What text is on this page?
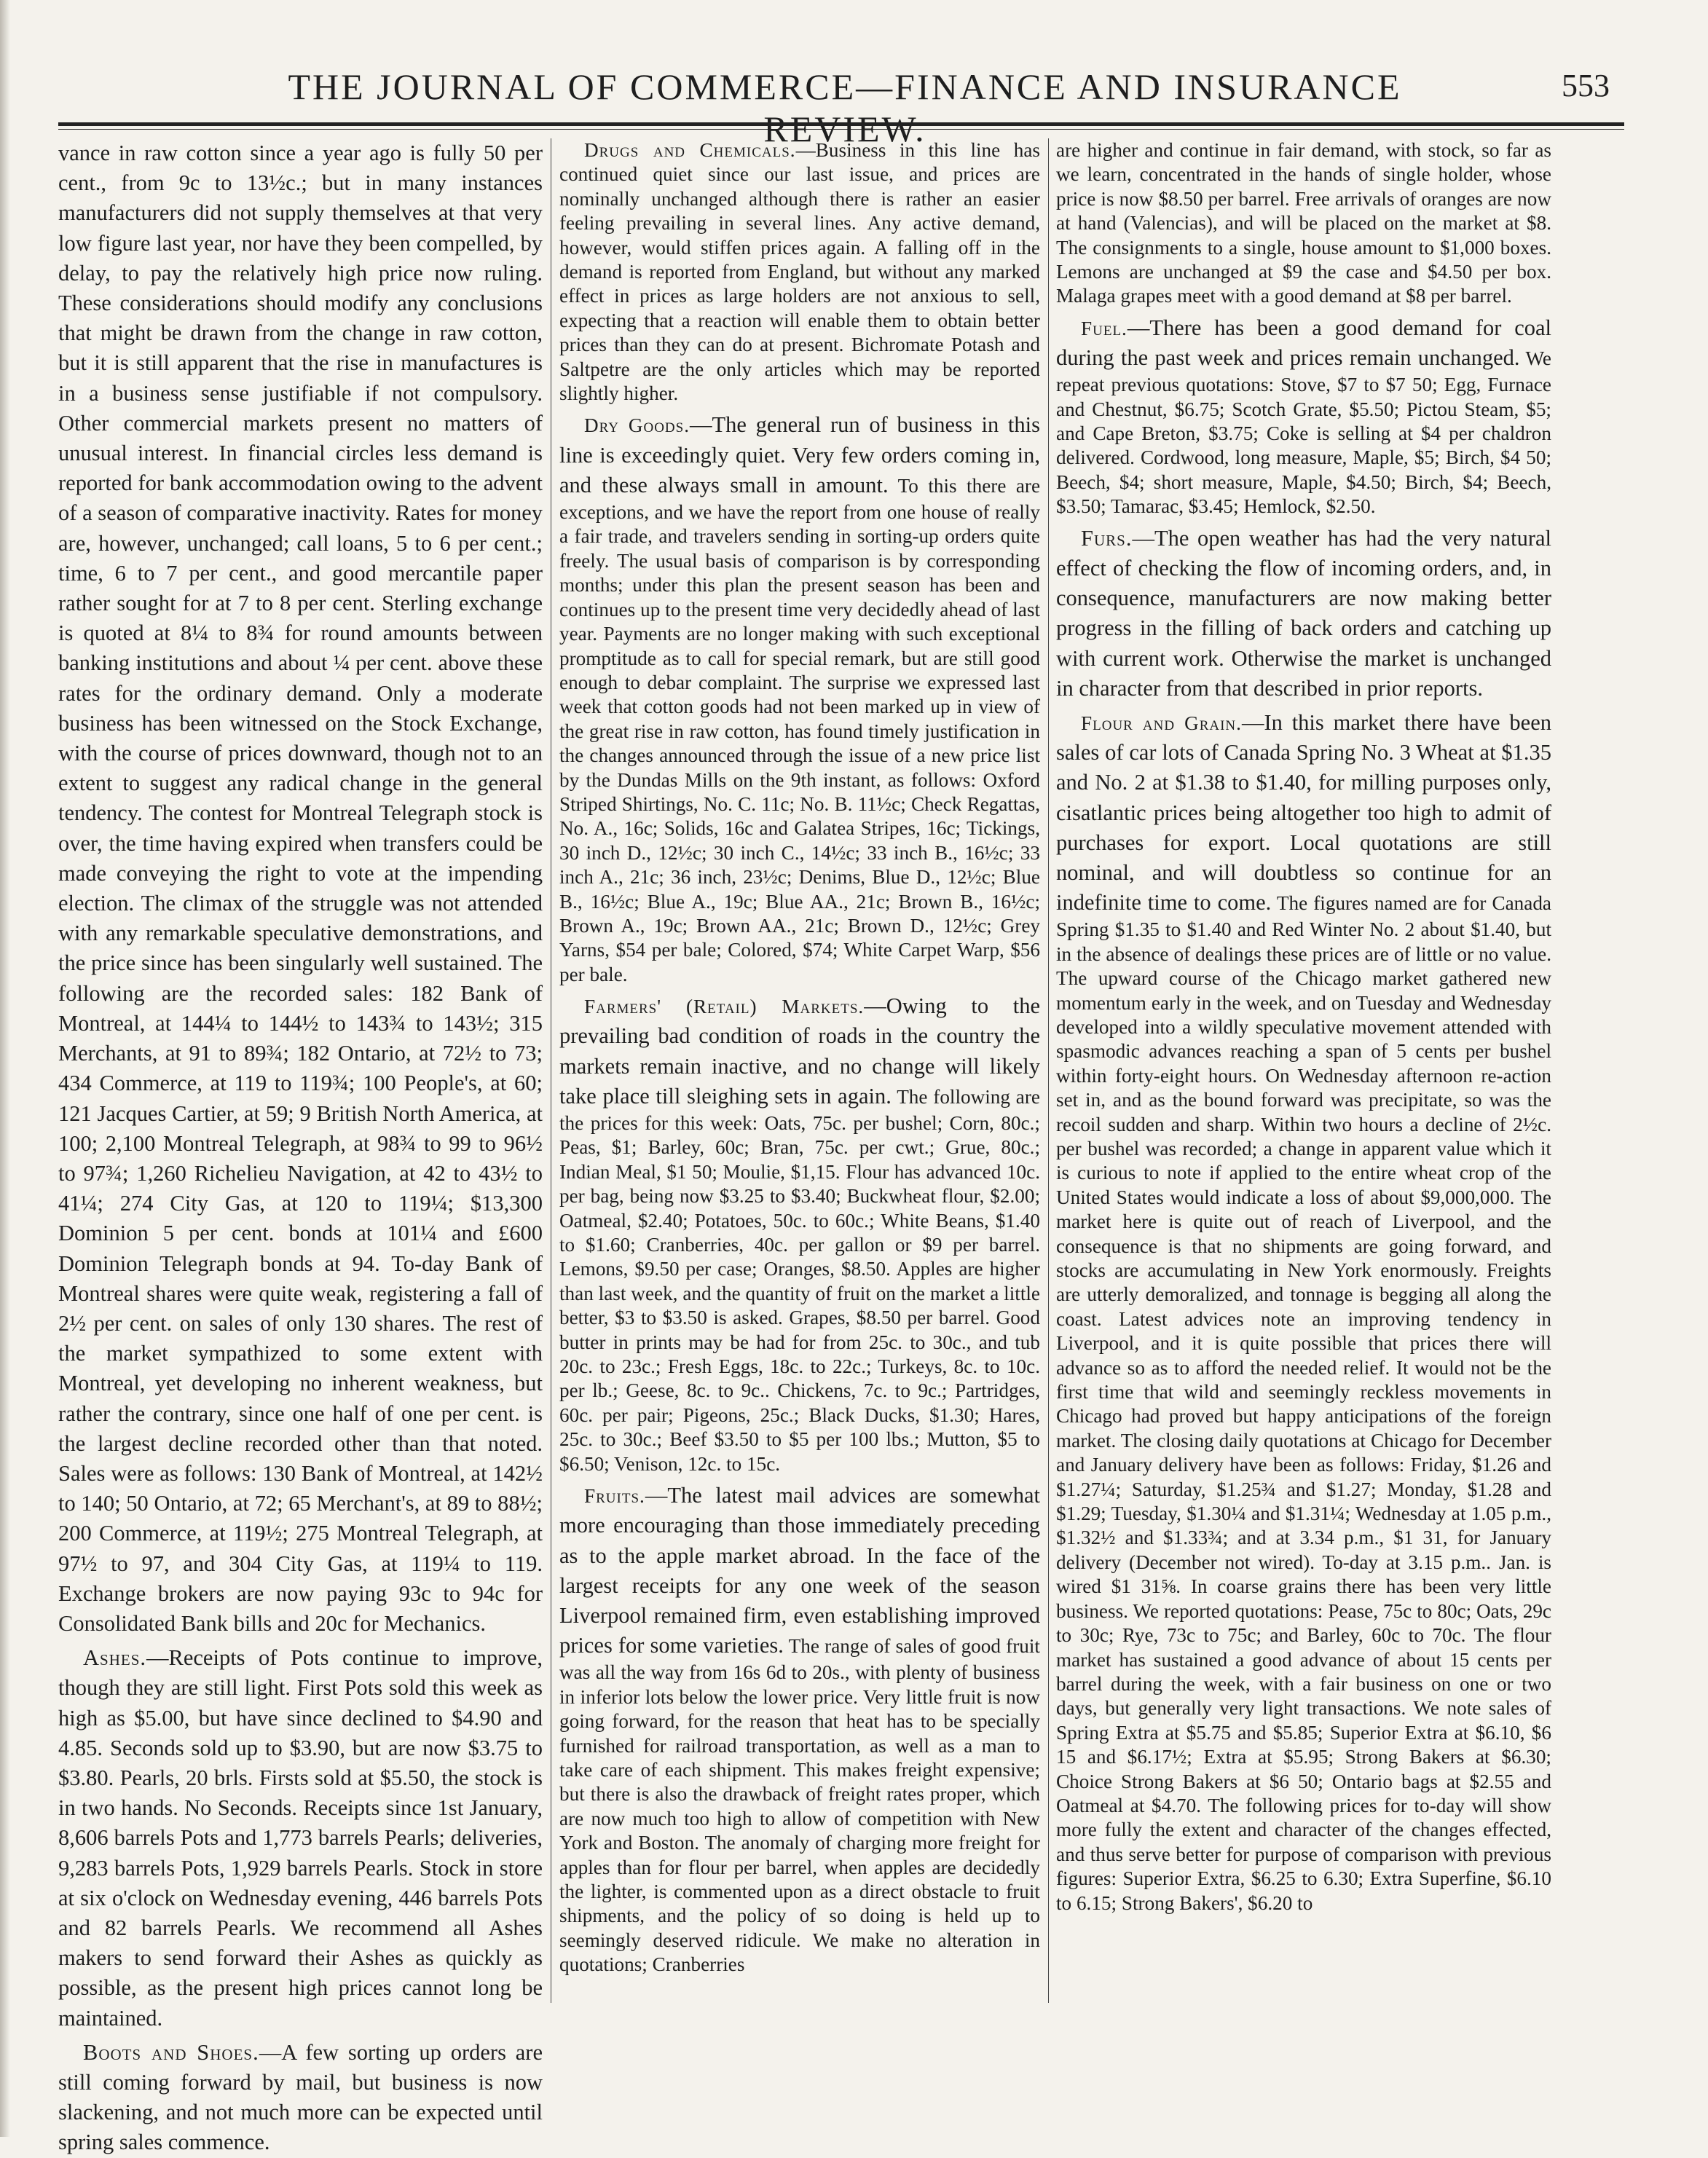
THE JOURNAL OF COMMERCE—FINANCE AND INSURANCE REVIEW.
553

vance in raw cotton since a year ago is fully 50 per cent., from 9c to 13½c.; but in many instances manufacturers did not supply themselves at that very low figure last year, nor have they been compelled, by delay, to pay the relatively high price now ruling. These considerations should modify any conclusions that might be drawn from the change in raw cotton, but it is still apparent that the rise in manufactures is in a business sense justifiable if not compulsory. Other commercial markets present no matters of unusual interest. In financial circles less demand is reported for bank accommodation owing to the advent of a season of comparative inactivity. Rates for money are, however, unchanged; call loans, 5 to 6 per cent.; time, 6 to 7 per cent., and good mercantile paper rather sought for at 7 to 8 per cent. Sterling exchange is quoted at 8¼ to 8¾ for round amounts between banking institutions and about ¼ per cent. above these rates for the ordinary demand. Only a moderate business has been witnessed on the Stock Exchange, with the course of prices downward, though not to an extent to suggest any radical change in the general tendency. The contest for Montreal Telegraph stock is over, the time having expired when transfers could be made conveying the right to vote at the impending election. The climax of the struggle was not attended with any remarkable speculative demonstrations, and the price since has been singularly well sustained. The following are the recorded sales: 182 Bank of Montreal, at 144¼ to 144½ to 143¾ to 143½; 315 Merchants, at 91 to 89¾; 182 Ontario, at 72½ to 73; 434 Commerce, at 119 to 119¾; 100 People's, at 60; 121 Jacques Cartier, at 59; 9 British North America, at 100; 2,100 Montreal Telegraph, at 98¾ to 99 to 96½ to 97¾; 1,260 Richelieu Navigation, at 42 to 43½ to 41¼; 274 City Gas, at 120 to 119¼; $13,300 Dominion 5 per cent. bonds at 101¼ and £600 Dominion Telegraph bonds at 94. To-day Bank of Montreal shares were quite weak, registering a fall of 2½ per cent. on sales of only 130 shares. The rest of the market sympathized to some extent with Montreal, yet developing no inherent weakness, but rather the contrary, since one half of one per cent. is the largest decline recorded other than that noted. Sales were as follows: 130 Bank of Montreal, at 142½ to 140; 50 Ontario, at 72; 65 Merchant's, at 89 to 88½; 200 Commerce, at 119½; 275 Montreal Telegraph, at 97½ to 97, and 304 City Gas, at 119¼ to 119. Exchange brokers are now paying 93c to 94c for Consolidated Bank bills and 20c for Mechanics.

Ashes.—Receipts of Pots continue to improve, though they are still light. First Pots sold this week as high as $5.00, but have since declined to $4.90 and 4.85. Seconds sold up to $3.90, but are now $3.75 to $3.80. Pearls, 20 brls. Firsts sold at $5.50, the stock is in two hands. No Seconds. Receipts since 1st January, 8,606 barrels Pots and 1,773 barrels Pearls; deliveries, 9,283 barrels Pots, 1,929 barrels Pearls. Stock in store at six o'clock on Wednesday evening, 446 barrels Pots and 82 barrels Pearls. We recommend all Ashes makers to send forward their Ashes as quickly as possible, as the present high prices cannot long be maintained.

Boots and Shoes.—A few sorting up orders are still coming forward by mail, but business is now slackening, and not much more can be expected until spring sales commence.

Drugs and Chemicals.—Business in this line has continued quiet since our last issue, and prices are nominally unchanged although there is rather an easier feeling prevailing in several lines. Any active demand, however, would stiffen prices again. A falling off in the demand is reported from England, but without any marked effect in prices as large holders are not anxious to sell, expecting that a reaction will enable them to obtain better prices than they can do at present. Bichromate Potash and Saltpetre are the only articles which may be reported slightly higher.

Dry Goods.—The general run of business in this line is exceedingly quiet. Very few orders coming in, and these always small in amount. To this there are exceptions, and we have the report from one house of really a fair trade, and travelers sending in sorting-up orders quite freely. The usual basis of comparison is by corresponding months; under this plan the present season has been and continues up to the present time very decidedly ahead of last year. Payments are no longer making with such exceptional promptitude as to call for special remark, but are still good enough to debar complaint. The surprise we expressed last week that cotton goods had not been marked up in view of the great rise in raw cotton, has found timely justification in the changes announced through the issue of a new price list by the Dundas Mills on the 9th instant, as follows: Oxford Striped Shirtings, No. C. 11c; No. B. 11½c; Check Regattas, No. A., 16c; Solids, 16c and Galatea Stripes, 16c; Tickings, 30 inch D., 12½c; 30 inch C., 14½c; 33 inch B., 16½c; 33 inch A., 21c; 36 inch, 23½c; Denims, Blue D., 12½c; Blue B., 16½c; Blue A., 19c; Blue AA., 21c; Brown B., 16½c; Brown A., 19c; Brown AA., 21c; Brown D., 12½c; Grey Yarns, $54 per bale; Colored, $74; White Carpet Warp, $56 per bale.

Farmers' (Retail) Markets.—Owing to the prevailing bad condition of roads in the country the markets remain inactive, and no change will likely take place till sleighing sets in again. The following are the prices for this week: Oats, 75c. per bushel; Corn, 80c.; Peas, $1; Barley, 60c; Bran, 75c. per cwt.; Grue, 80c.; Indian Meal, $1 50; Moulie, $1,15. Flour has advanced 10c. per bag, being now $3.25 to $3.40; Buckwheat flour, $2.00; Oatmeal, $2.40; Potatoes, 50c. to 60c.; White Beans, $1.40 to $1.60; Cranberries, 40c. per gallon or $9 per barrel. Lemons, $9.50 per case; Oranges, $8.50. Apples are higher than last week, and the quantity of fruit on the market a little better, $3 to $3.50 is asked. Grapes, $8.50 per barrel. Good butter in prints may be had for from 25c. to 30c., and tub 20c. to 23c.; Fresh Eggs, 18c. to 22c.; Turkeys, 8c. to 10c. per lb.; Geese, 8c. to 9c.. Chickens, 7c. to 9c.; Partridges, 60c. per pair; Pigeons, 25c.; Black Ducks, $1.30; Hares, 25c. to 30c.; Beef $3.50 to $5 per 100 lbs.; Mutton, $5 to $6.50; Venison, 12c. to 15c.

Fruits.—The latest mail advices are somewhat more encouraging than those immediately preceding as to the apple market abroad. In the face of the largest receipts for any one week of the season Liverpool remained firm, even establishing improved prices for some varieties. The range of sales of good fruit was all the way from 16s 6d to 20s., with plenty of business in inferior lots below the lower price. Very little fruit is now going forward, for the reason that heat has to be specially furnished for railroad transportation, as well as a man to take care of each shipment. This makes freight expensive; but there is also the drawback of freight rates proper, which are now much too high to allow of competition with New York and Boston. The anomaly of charging more freight for apples than for flour per barrel, when apples are decidedly the lighter, is commented upon as a direct obstacle to fruit shipments, and the policy of so doing is held up to seemingly deserved ridicule. We make no alteration in quotations; Cranberries

are higher and continue in fair demand, with stock, so far as we learn, concentrated in the hands of single holder, whose price is now $8.50 per barrel. Free arrivals of oranges are now at hand (Valencias), and will be placed on the market at $8. The consignments to a single, house amount to $1,000 boxes. Lemons are unchanged at $9 the case and $4.50 per box. Malaga grapes meet with a good demand at $8 per barrel.

Fuel.—There has been a good demand for coal during the past week and prices remain unchanged. We repeat previous quotations: Stove, $7 to $7 50; Egg, Furnace and Chestnut, $6.75; Scotch Grate, $5.50; Pictou Steam, $5; and Cape Breton, $3.75; Coke is selling at $4 per chaldron delivered. Cordwood, long measure, Maple, $5; Birch, $4 50; Beech, $4; short measure, Maple, $4.50; Birch, $4; Beech, $3.50; Tamarac, $3.45; Hemlock, $2.50.

Furs.—The open weather has had the very natural effect of checking the flow of incoming orders, and, in consequence, manufacturers are now making better progress in the filling of back orders and catching up with current work. Otherwise the market is unchanged in character from that described in prior reports.

Flour and Grain.—In this market there have been sales of car lots of Canada Spring No. 3 Wheat at $1.35 and No. 2 at $1.38 to $1.40, for milling purposes only, cisatlantic prices being altogether too high to admit of purchases for export. Local quotations are still nominal, and will doubtless so continue for an indefinite time to come. The figures named are for Canada Spring $1.35 to $1.40 and Red Winter No. 2 about $1.40, but in the absence of dealings these prices are of little or no value. The upward course of the Chicago market gathered new momentum early in the week, and on Tuesday and Wednesday developed into a wildly speculative movement attended with spasmodic advances reaching a span of 5 cents per bushel within forty-eight hours. On Wednesday afternoon re-action set in, and as the bound forward was precipitate, so was the recoil sudden and sharp. Within two hours a decline of 2½c. per bushel was recorded; a change in apparent value which it is curious to note if applied to the entire wheat crop of the United States would indicate a loss of about $9,000,000. The market here is quite out of reach of Liverpool, and the consequence is that no shipments are going forward, and stocks are accumulating in New York enormously. Freights are utterly demoralized, and tonnage is begging all along the coast. Latest advices note an improving tendency in Liverpool, and it is quite possible that prices there will advance so as to afford the needed relief. It would not be the first time that wild and seemingly reckless movements in Chicago had proved but happy anticipations of the foreign market. The closing daily quotations at Chicago for December and January delivery have been as follows: Friday, $1.26 and $1.27¼; Saturday, $1.25¾ and $1.27; Monday, $1.28 and $1.29; Tuesday, $1.30¼ and $1.31¼; Wednesday at 1.05 p.m., $1.32½ and $1.33¾; and at 3.34 p.m., $1 31, for January delivery (December not wired). To-day at 3.15 p.m.. Jan. is wired $1 31⅝. In coarse grains there has been very little business. We reported quotations: Pease, 75c to 80c; Oats, 29c to 30c; Rye, 73c to 75c; and Barley, 60c to 70c. The flour market has sustained a good advance of about 15 cents per barrel during the week, with a fair business on one or two days, but generally very light transactions. We note sales of Spring Extra at $5.75 and $5.85; Superior Extra at $6.10, $6 15 and $6.17½; Extra at $5.95; Strong Bakers at $6.30; Choice Strong Bakers at $6 50; Ontario bags at $2.55 and Oatmeal at $4.70. The following prices for to-day will show more fully the extent and character of the changes effected, and thus serve better for purpose of comparison with previous figures: Superior Extra, $6.25 to 6.30; Extra Superfine, $6.10 to 6.15; Strong Bakers', $6.20 to
